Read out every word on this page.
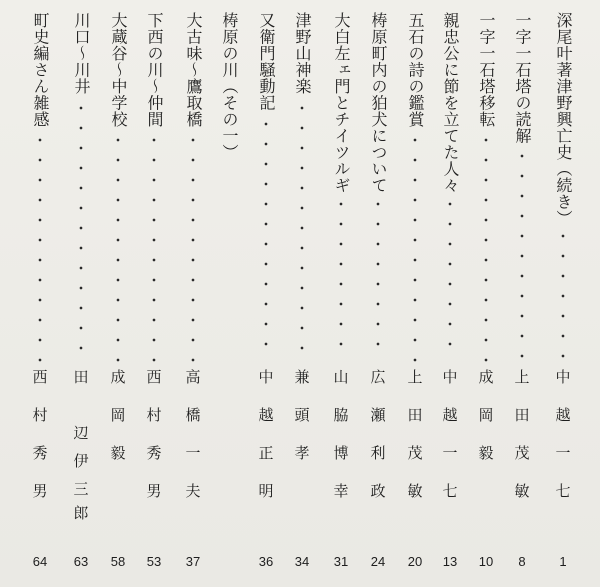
深尾叶著津野興亡史（続き）
中
越
一
七
1
一字一石塔の読解
上
田
茂
敏
8
一字一石塔移転
成
岡
毅
10
親忠公に節を立てた人々
中
越
一
七
13
五石の詩の鑑賞
上
田
茂
敏
20
梼原町内の狛犬について
広
瀬
利
政
24
大白左ェ門とチイツルギ
山
脇
博
幸
31
津野山神楽
兼
頭
孝
34
又衛門騒動記
中
越
正
明
36
梼原の川（その一）
大古味〜鷹取橋
高
橋
一
夫
37
下西の川〜仲間
西
村
秀
男
53
大蔵谷〜中学校
成
岡
毅
58
川口〜川井
田
辺
伊
三
郎
63
町史編さん雑感
西
村
秀
男
64
